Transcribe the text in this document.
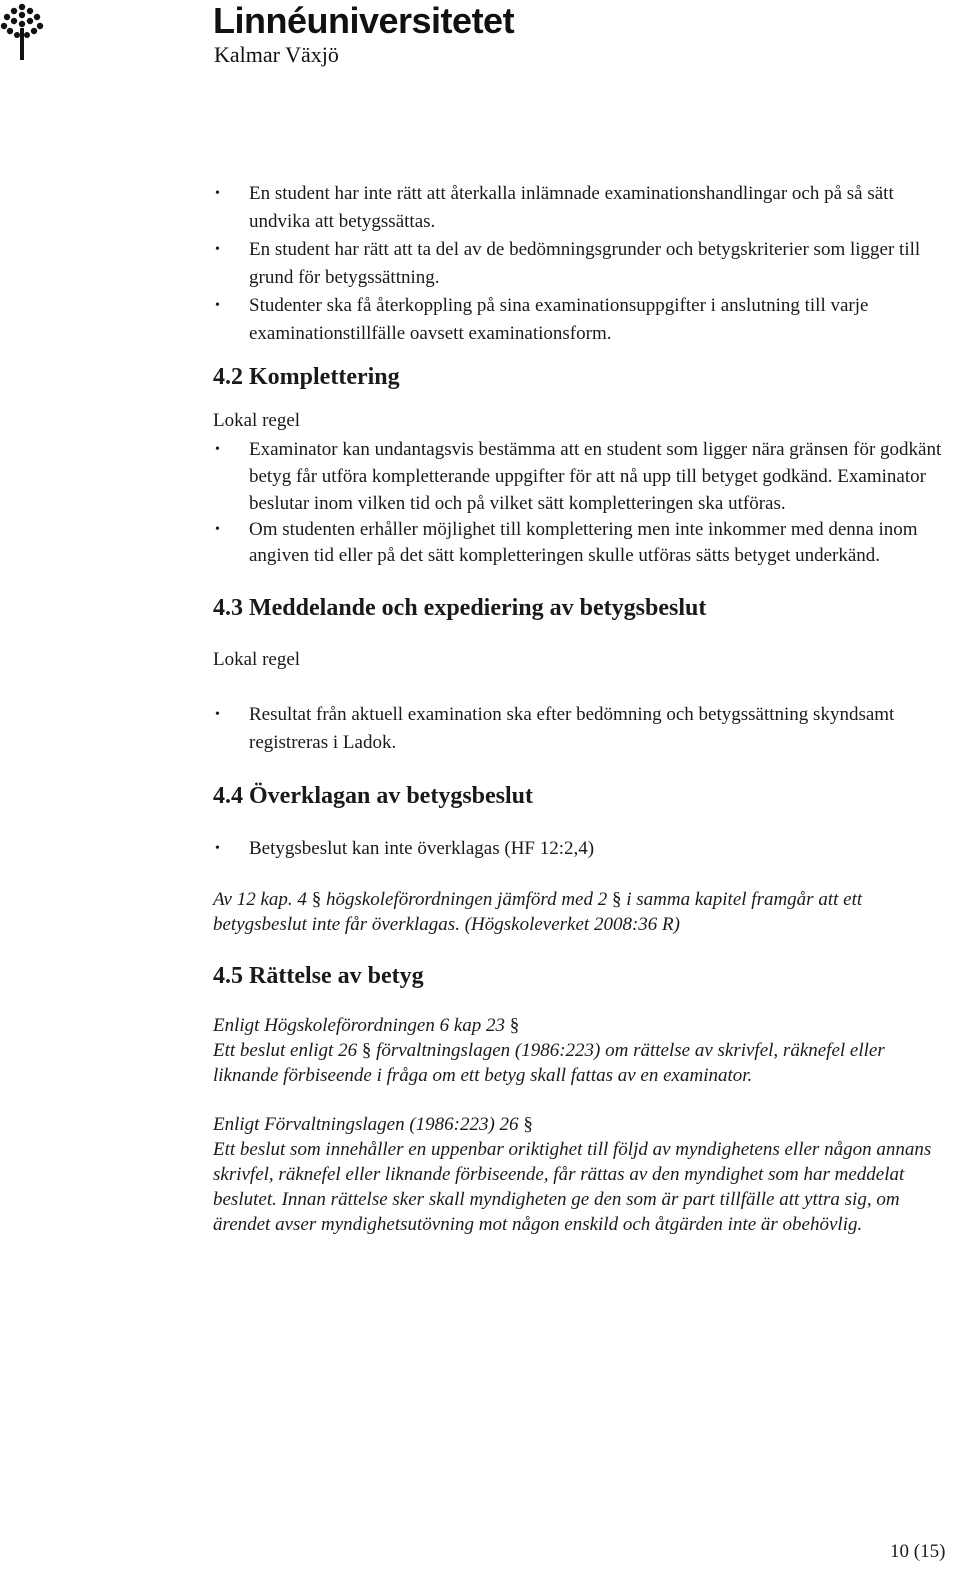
Linnéuniversitetet
Kalmar Växjö
• En student har inte rätt att återkalla inlämnade examinationshandlingar och på så sätt undvika att betygssättas.
• En student har rätt att ta del av de bedömningsgrunder och betygskriterier som ligger till grund för betygssättning.
• Studenter ska få återkoppling på sina examinationsuppgifter i anslutning till varje examinationstillfälle oavsett examinationsform.
4.2 Komplettering

Lokal regel

• Examinator kan undantagsvis bestämma att en student som ligger nära gränsen för godkänt betyg får utföra kompletterande uppgifter för att nå upp till betyget godkänd. Examinator beslutar inom vilken tid och på vilket sätt kompletteringen ska utföras.
• Om studenten erhåller möjlighet till komplettering men inte inkommer med denna inom angiven tid eller på det sätt kompletteringen skulle utföras sätts betyget underkänd.
4.3 Meddelande och expediering av betygsbeslut

Lokal regel

• Resultat från aktuell examination ska efter bedömning och betygssättning skyndsamt registreras i Ladok.
4.4 Överklagan av betygsbeslut
• Betygsbeslut kan inte överklagas (HF 12:2,4)

Av 12 kap. 4 § högskoleförordningen jämförd med 2 § i samma kapitel framgår att ett betygsbeslut inte får överklagas. (Högskoleverket 2008:36 R)

4.5 Rättelse av betyg

Enligt Högskoleförordningen 6 kap 23 §
Ett beslut enligt 26 § förvaltningslagen (1986:223) om rättelse av skrivfel, räknefel eller liknande förbiseende i fråga om ett betyg skall fattas av en examinator.

Enligt Förvaltningslagen (1986:223) 26 §
Ett beslut som innehåller en uppenbar oriktighet till följd av myndighetens eller någon annans skrivfel, räknefel eller liknande förbiseende, får rättas av den myndighet som har meddelat beslutet. Innan rättelse sker skall myndigheten ge den som är part tillfälle att yttra sig, om ärendet avser myndighetsutövning mot någon enskild och åtgärden inte är obehövlig.

10 (15)
